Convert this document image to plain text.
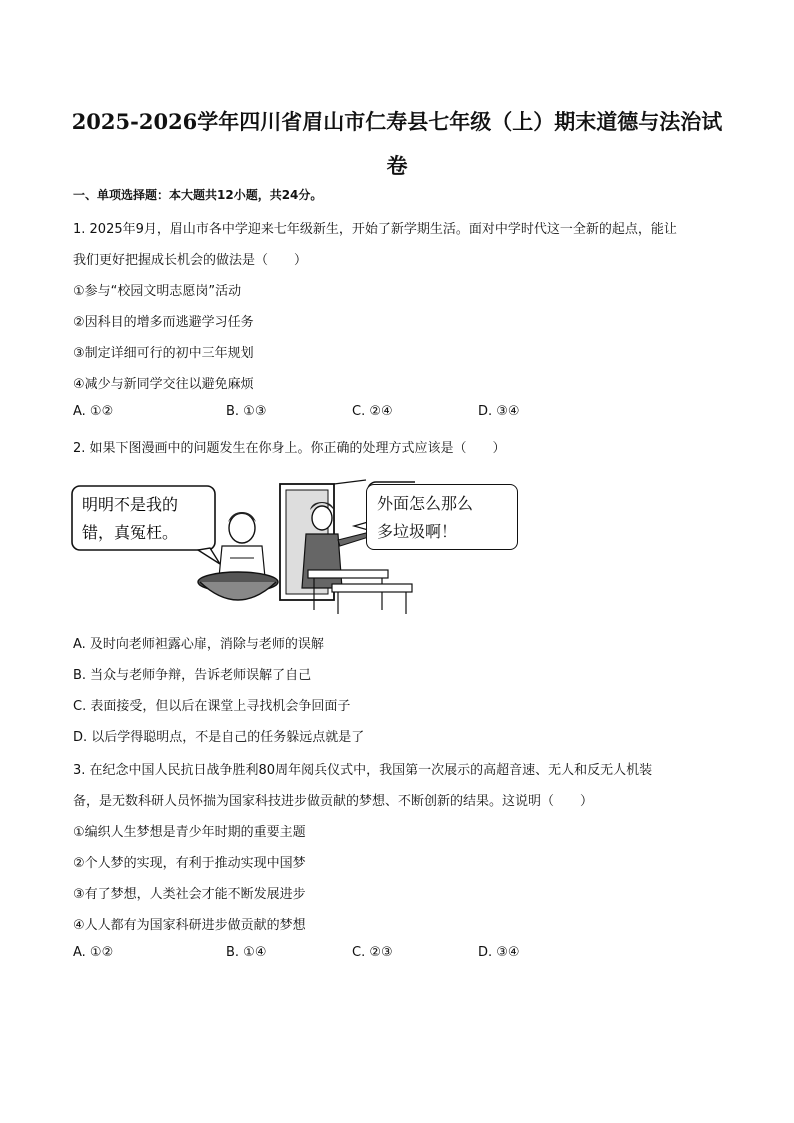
2025-2026学年四川省眉山市仁寿县七年级（上）期末道德与法治试
卷
一、单项选择题：本大题共12小题，共24分。
1. 2025年9月，眉山市各中学迎来七年级新生，开始了新学期生活。面对中学时代这一全新的起点，能让
我们更好把握成长机会的做法是（　　）
①参与“校园文明志愿岗”活动
②因科目的增多而逃避学习任务
③制定详细可行的初中三年规划
④减少与新同学交往以避免麻烦
A. ①②	B. ①③	C. ②④	D. ③④
2. 如果下图漫画中的问题发生在你身上。你正确的处理方式应该是（　　）
明明不是我的
错，真冤枉。
外面怎么那么
多垃圾啊！
A. 及时向老师袒露心扉，消除与老师的误解
B. 当众与老师争辩，告诉老师误解了自己
C. 表面接受，但以后在课堂上寻找机会争回面子
D. 以后学得聪明点，不是自己的任务躲远点就是了
3. 在纪念中国人民抗日战争胜利80周年阅兵仪式中，我国第一次展示的高超音速、无人和反无人机装
备，是无数科研人员怀揣为国家科技进步做贡献的梦想、不断创新的结果。这说明（　　）
①编织人生梦想是青少年时期的重要主题
②个人梦的实现，有利于推动实现中国梦
③有了梦想，人类社会才能不断发展进步
④人人都有为国家科研进步做贡献的梦想
A. ①②	B. ①④	C. ②③	D. ③④
